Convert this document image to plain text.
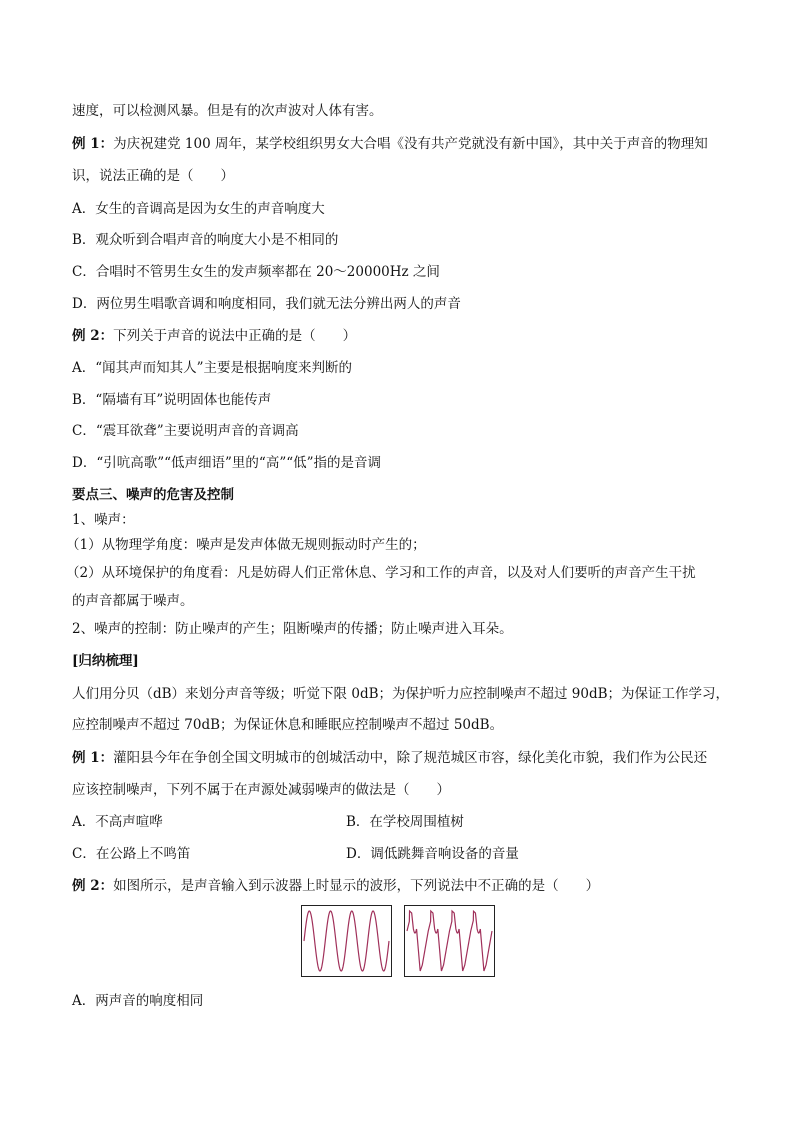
速度，可以检测风暴。但是有的次声波对人体有害。
例 1：为庆祝建党 100 周年，某学校组织男女大合唱《没有共产党就没有新中国》，其中关于声音的物理知
识，说法正确的是（　　）
A．女生的音调高是因为女生的声音响度大
B．观众听到合唱声音的响度大小是不相同的
C．合唱时不管男生女生的发声频率都在 20～20000Hz 之间
D．两位男生唱歌音调和响度相同，我们就无法分辨出两人的声音
例 2：下列关于声音的说法中正确的是（　　）
A．“闻其声而知其人”主要是根据响度来判断的
B．“隔墙有耳”说明固体也能传声
C．“震耳欲聋”主要说明声音的音调高
D．“引吭高歌”“低声细语”里的“高”“低”指的是音调
要点三、噪声的危害及控制
1、噪声：
（1）从物理学角度：噪声是发声体做无规则振动时产生的；
（2）从环境保护的角度看：凡是妨碍人们正常休息、学习和工作的声音，以及对人们要听的声音产生干扰
的声音都属于噪声。
2、噪声的控制：防止噪声的产生；阻断噪声的传播；防止噪声进入耳朵。
[归纳梳理]
人们用分贝（dB）来划分声音等级；听觉下限 0dB；为保护听力应控制噪声不超过 90dB；为保证工作学习，
应控制噪声不超过 70dB；为保证休息和睡眠应控制噪声不超过 50dB。
例 1：灌阳县今年在争创全国文明城市的创城活动中，除了规范城区市容，绿化美化市貌，我们作为公民还
应该控制噪声，下列不属于在声源处减弱噪声的做法是（　　）
A．不高声喧哗	B．在学校周围植树
C．在公路上不鸣笛	D．调低跳舞音响设备的音量
例 2：如图所示，是声音输入到示波器上时显示的波形，下列说法中不正确的是（　　）
A．两声音的响度相同
